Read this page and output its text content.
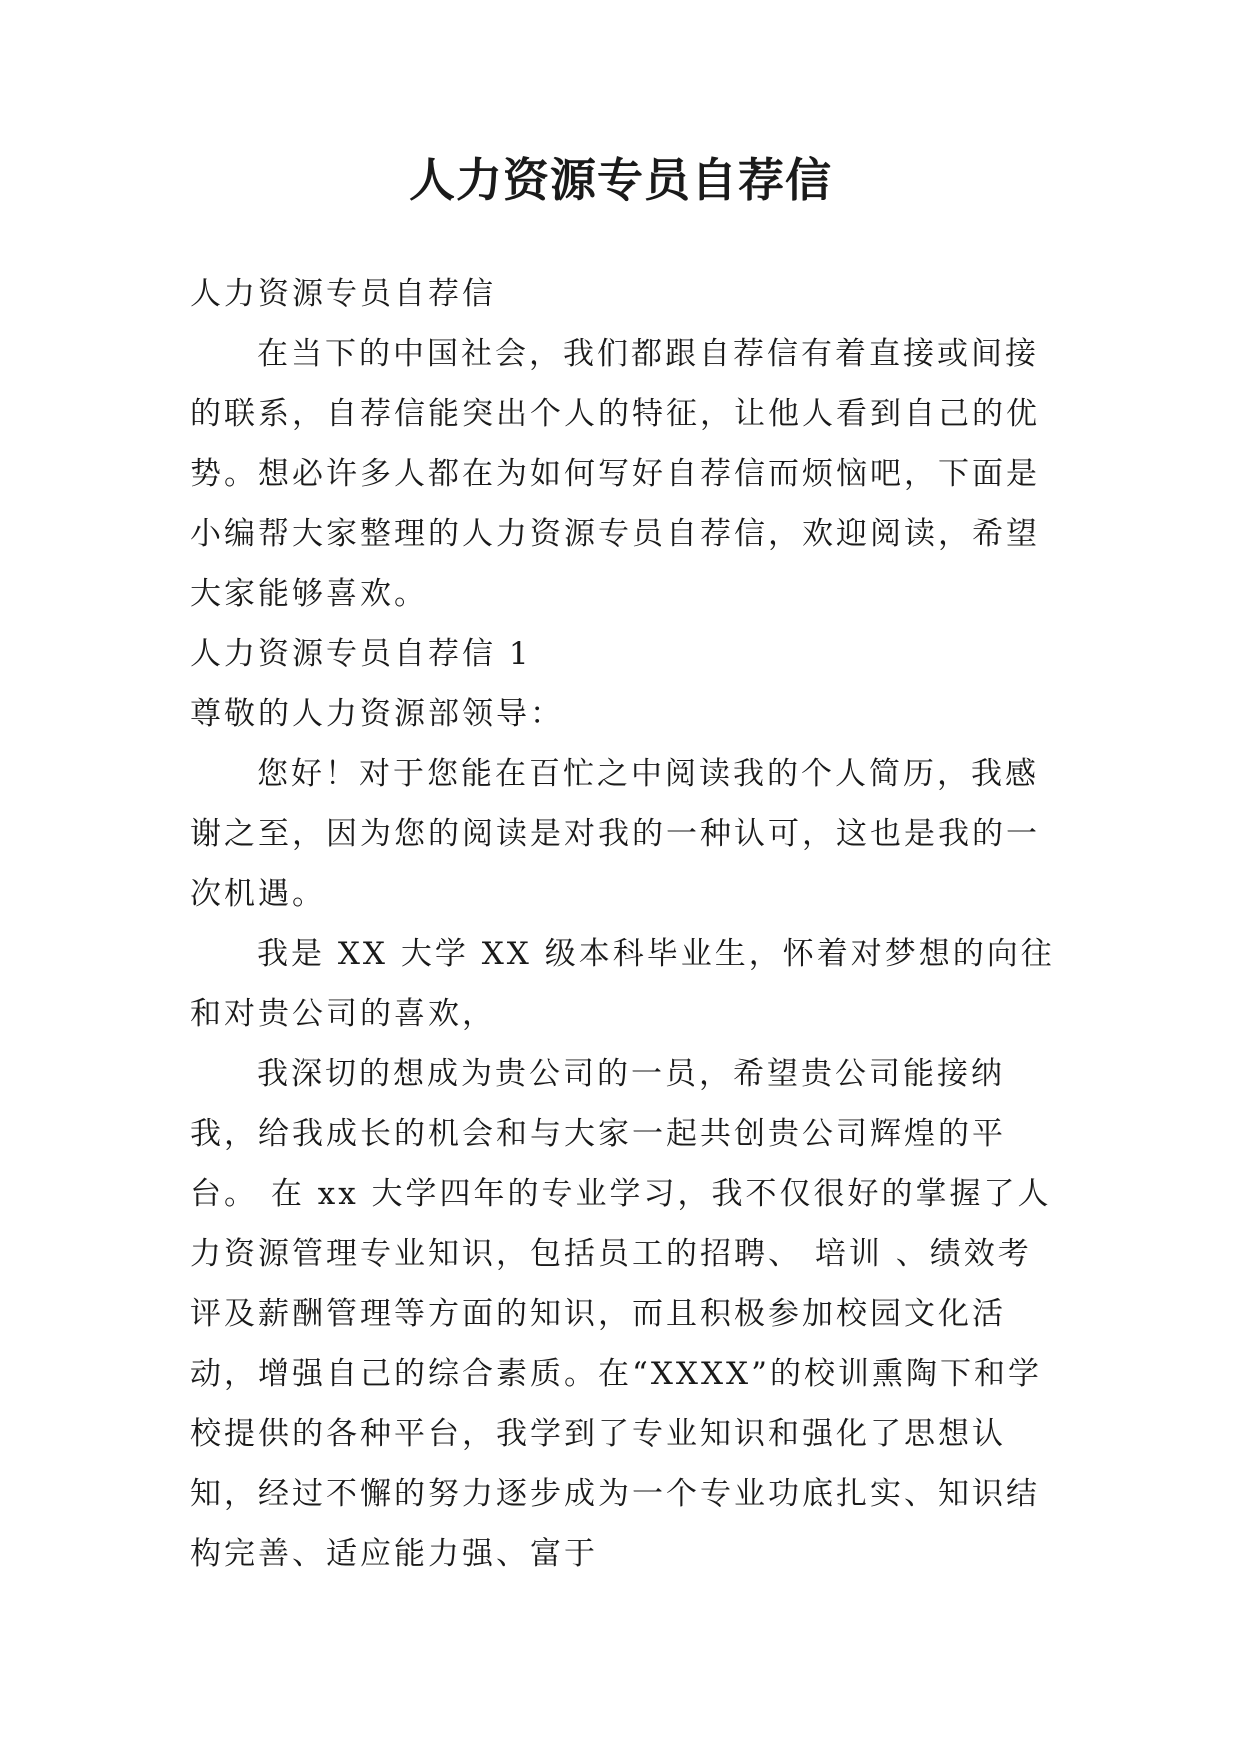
人力资源专员自荐信

人力资源专员自荐信

在当下的中国社会，我们都跟自荐信有着直接或间接的联系，自荐信能突出个人的特征，让他人看到自己的优势。想必许多人都在为如何写好自荐信而烦恼吧，下面是小编帮大家整理的人力资源专员自荐信，欢迎阅读，希望大家能够喜欢。

人力资源专员自荐信 1

尊敬的人力资源部领导：

您好！对于您能在百忙之中阅读我的个人简历，我感谢之至，因为您的阅读是对我的一种认可，这也是我的一次机遇。

我是 XX 大学 XX 级本科毕业生，怀着对梦想的向往和对贵公司的喜欢，

我深切的想成为贵公司的一员，希望贵公司能接纳我，给我成长的机会和与大家一起共创贵公司辉煌的平台。 在 xx 大学四年的专业学习，我不仅很好的掌握了人力资源管理专业知识，包括员工的招聘、 培训 、绩效考评及薪酬管理等方面的知识，而且积极参加校园文化活动，增强自己的综合素质。在“XXXX”的校训熏陶下和学校提供的各种平台，我学到了专业知识和强化了思想认知，经过不懈的努力逐步成为一个专业功底扎实、知识结构完善、适应能力强、富于
